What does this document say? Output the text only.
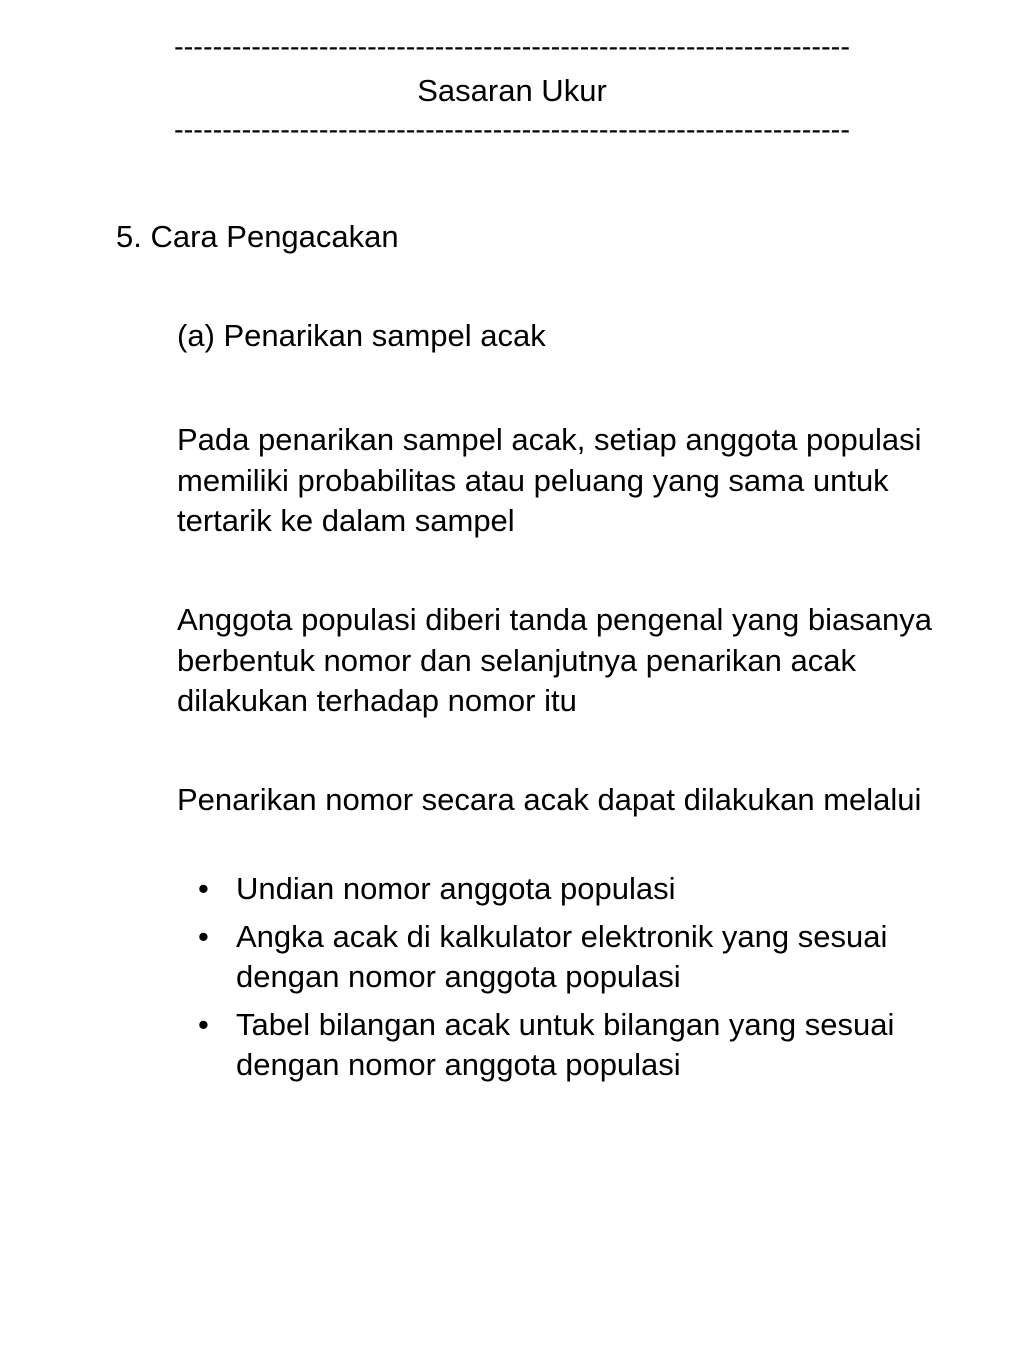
----------------------------------------------------------------------
Sasaran Ukur
----------------------------------------------------------------------
5. Cara Pengacakan
(a) Penarikan sampel acak
Pada penarikan sampel acak, setiap anggota populasi memiliki probabilitas atau peluang yang sama untuk tertarik ke dalam sampel
Anggota populasi diberi tanda pengenal yang biasanya berbentuk nomor dan selanjutnya penarikan acak dilakukan terhadap nomor itu
Penarikan nomor secara acak dapat dilakukan melalui
• Undian nomor anggota populasi
• Angka acak di kalkulator elektronik yang sesuai dengan nomor anggota populasi
• Tabel bilangan acak untuk bilangan yang sesuai dengan nomor anggota populasi
